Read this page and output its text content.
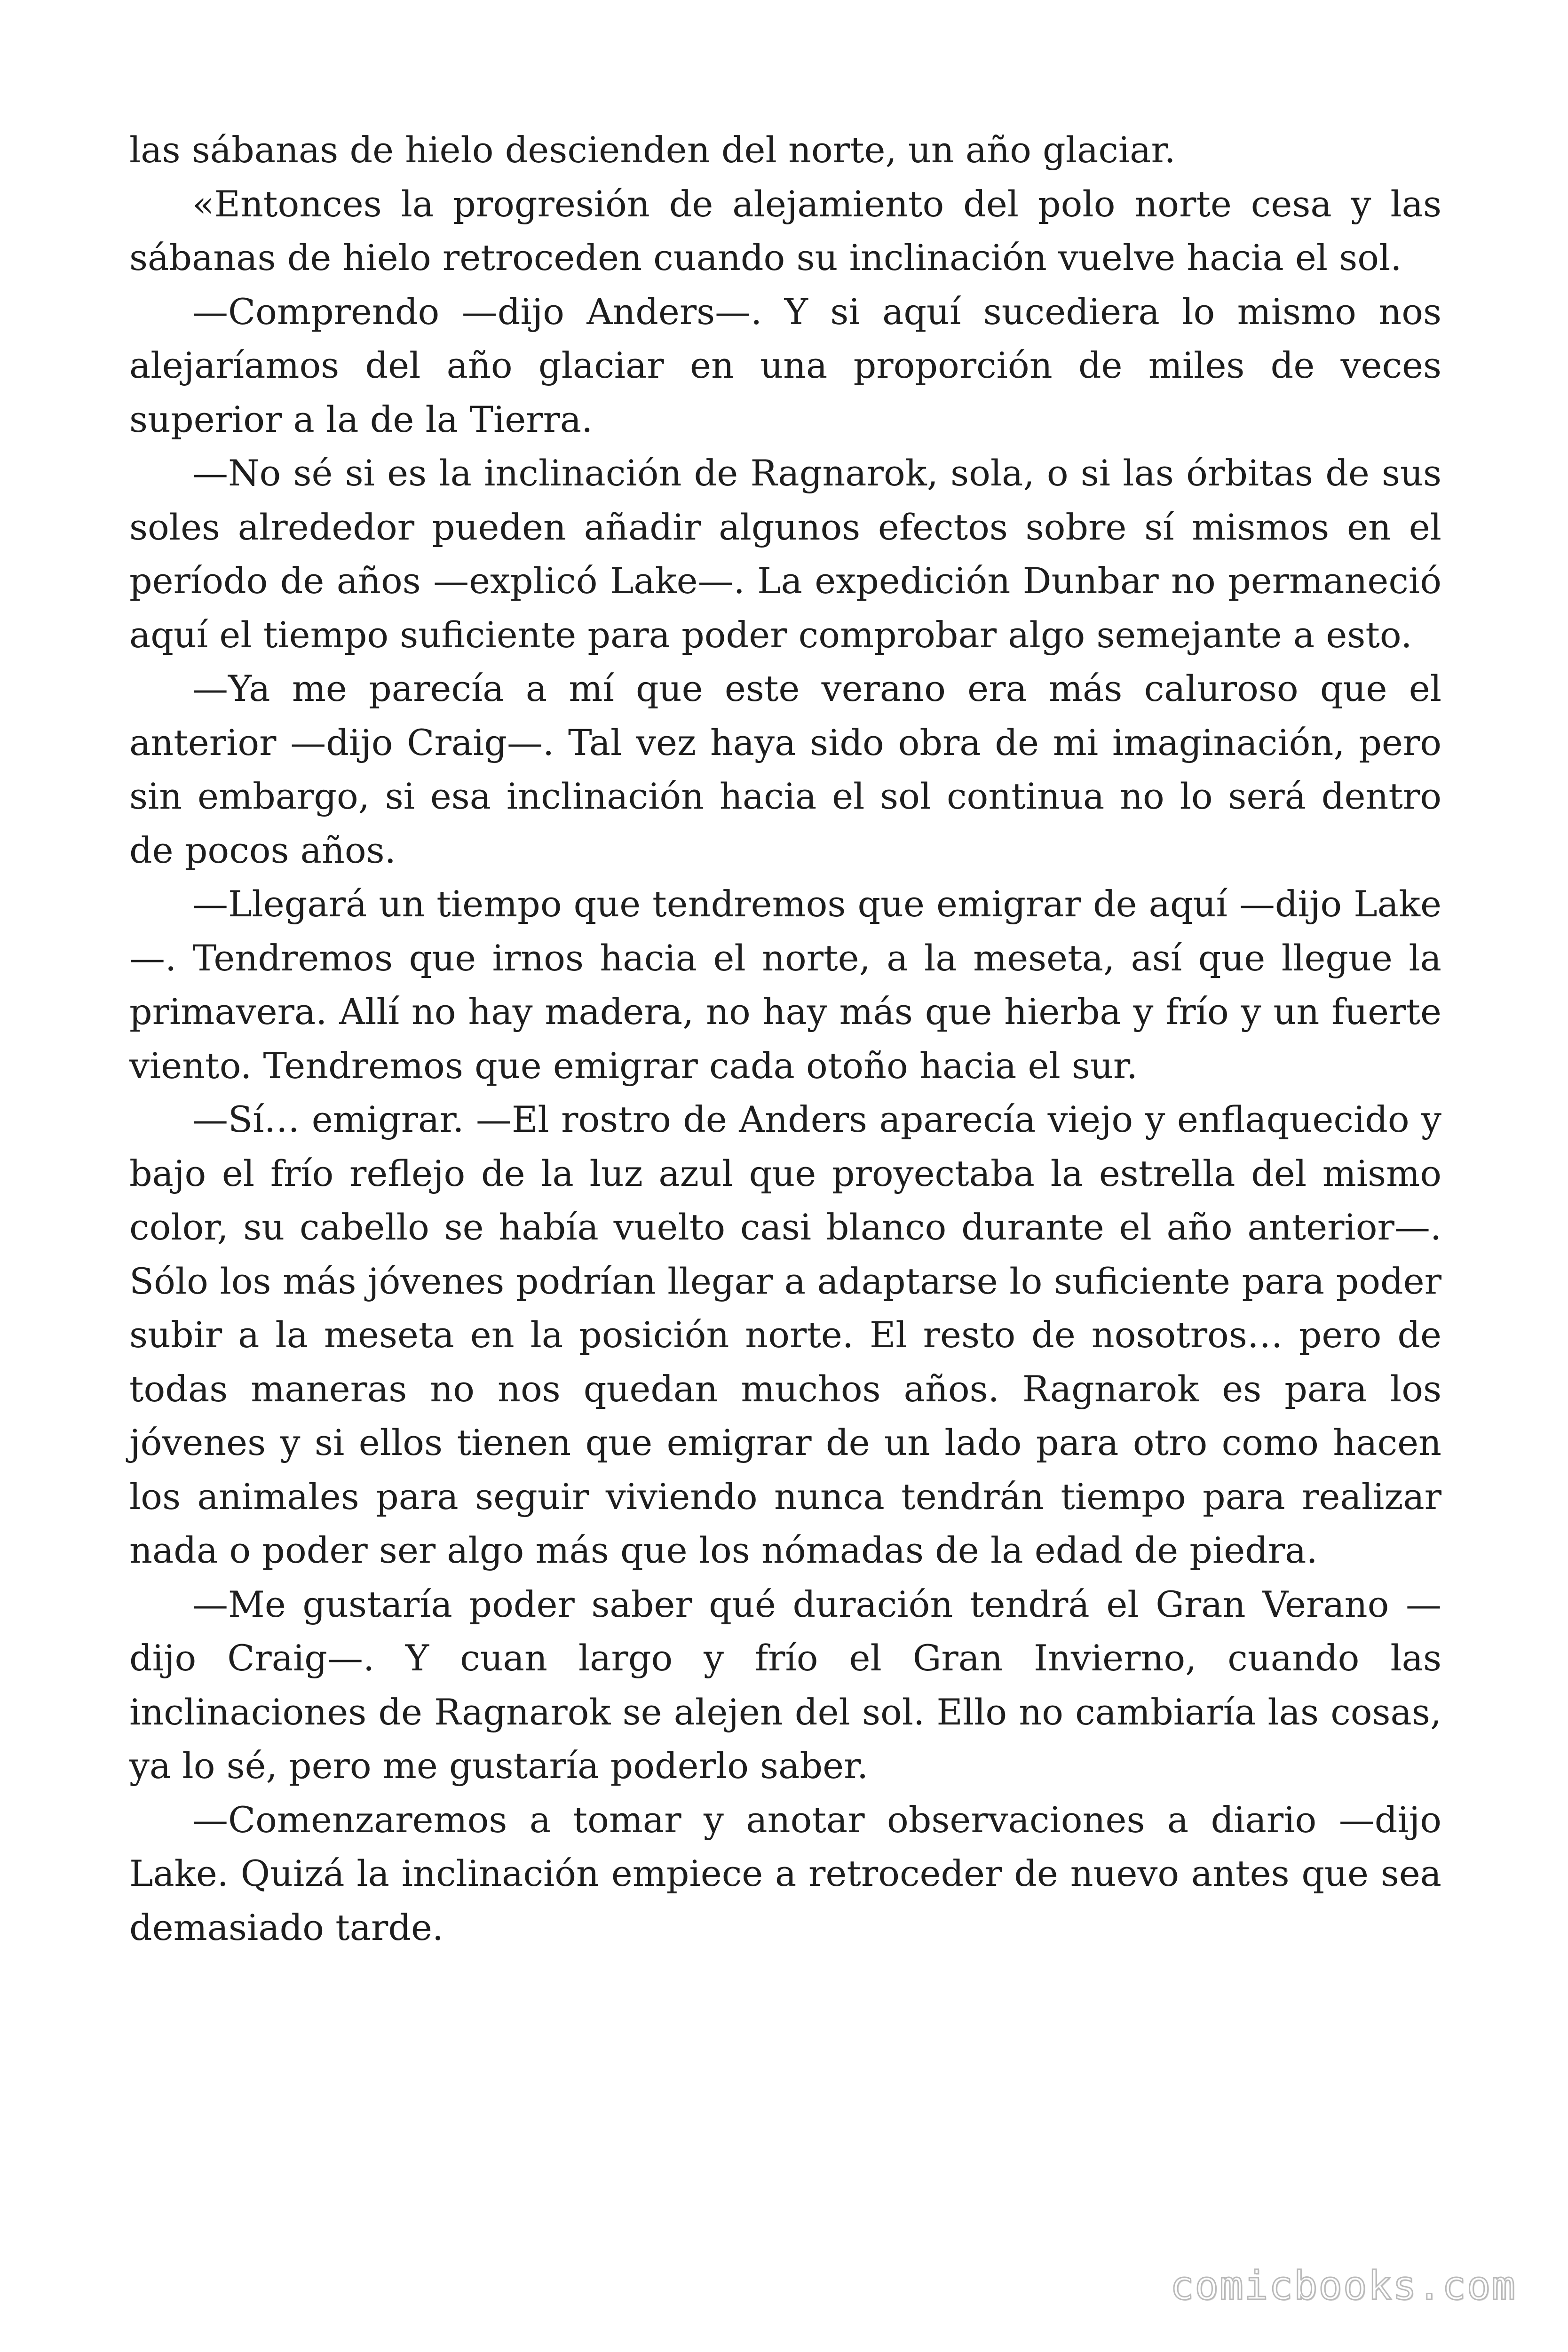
las sábanas de hielo descienden del norte, un año glaciar.

«Entonces la progresión de alejamiento del polo norte cesa y las sábanas de hielo retroceden cuando su inclinación vuelve hacia el sol.

—Comprendo —dijo Anders—. Y si aquí sucediera lo mismo nos alejaríamos del año glaciar en una proporción de miles de veces superior a la de la Tierra.

—No sé si es la inclinación de Ragnarok, sola, o si las órbitas de sus soles alrededor pueden añadir algunos efectos sobre sí mismos en el período de años —explicó Lake—. La expedición Dunbar no permaneció aquí el tiempo suficiente para poder comprobar algo semejante a esto.

—Ya me parecía a mí que este verano era más caluroso que el anterior —dijo Craig—. Tal vez haya sido obra de mi imaginación, pero sin embargo, si esa inclinación hacia el sol continua no lo será dentro de pocos años.

—Llegará un tiempo que tendremos que emigrar de aquí —dijo Lake—. Tendremos que irnos hacia el norte, a la meseta, así que llegue la primavera. Allí no hay madera, no hay más que hierba y frío y un fuerte viento. Tendremos que emigrar cada otoño hacia el sur.

—Sí… emigrar. —El rostro de Anders aparecía viejo y enflaquecido y bajo el frío reflejo de la luz azul que proyectaba la estrella del mismo color, su cabello se había vuelto casi blanco durante el año anterior—. Sólo los más jóvenes podrían llegar a adaptarse lo suficiente para poder subir a la meseta en la posición norte. El resto de nosotros… pero de todas maneras no nos quedan muchos años. Ragnarok es para los jóvenes y si ellos tienen que emigrar de un lado para otro como hacen los animales para seguir viviendo nunca tendrán tiempo para realizar nada o poder ser algo más que los nómadas de la edad de piedra.

—Me gustaría poder saber qué duración tendrá el Gran Verano —dijo Craig—. Y cuan largo y frío el Gran Invierno, cuando las inclinaciones de Ragnarok se alejen del sol. Ello no cambiaría las cosas, ya lo sé, pero me gustaría poderlo saber.

—Comenzaremos a tomar y anotar observaciones a diario —dijo Lake. Quizá la inclinación empiece a retroceder de nuevo antes que sea demasiado tarde.

comicbooks.com
